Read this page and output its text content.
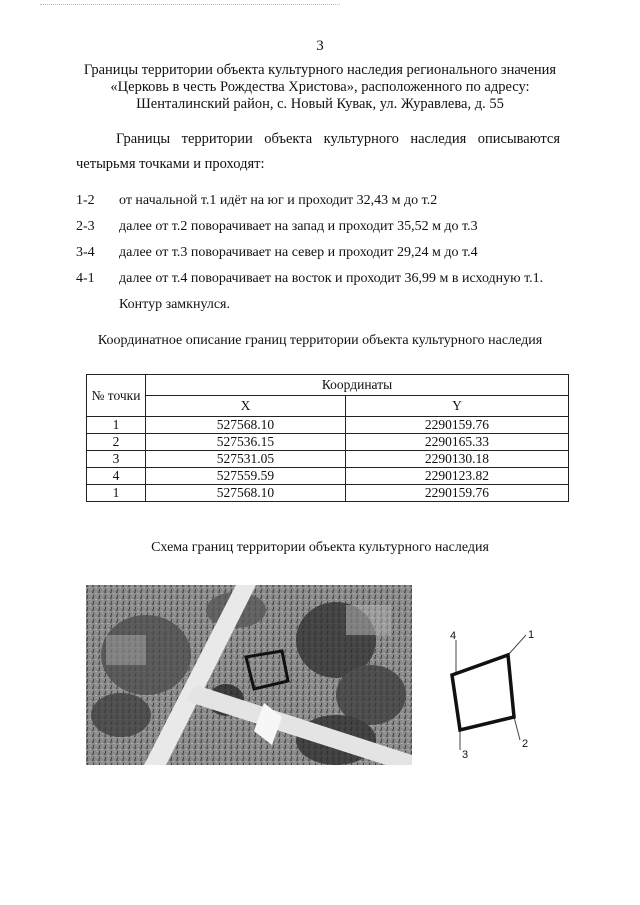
3
Границы территории объекта культурного наследия регионального значения
«Церковь в честь Рождества Христова», расположенного по адресу:
Шенталинский район, с. Новый Кувак, ул. Журавлева, д. 55
Границы территории объекта культурного наследия описываются четырьмя точками и проходят:
1-2 от начальной т.1 идёт на юг и проходит 32,43 м до т.2
2-3 далее от т.2 поворачивает на запад и проходит 35,52 м до т.3
3-4 далее от т.3 поворачивает на север и проходит 29,24 м до т.4
4-1 далее от т.4 поворачивает на восток и проходит 36,99 м в исходную т.1.
Контур замкнулся.
Координатное описание границ территории объекта культурного наследия
№ точки	Координаты	
	X	Y
1	527568.10	2290159.76
2	527536.15	2290165.33
3	527531.05	2290130.18
4	527559.59	2290123.82
1	527568.10	2290159.76
Схема границ территории объекта культурного наследия
1
2
3
4
